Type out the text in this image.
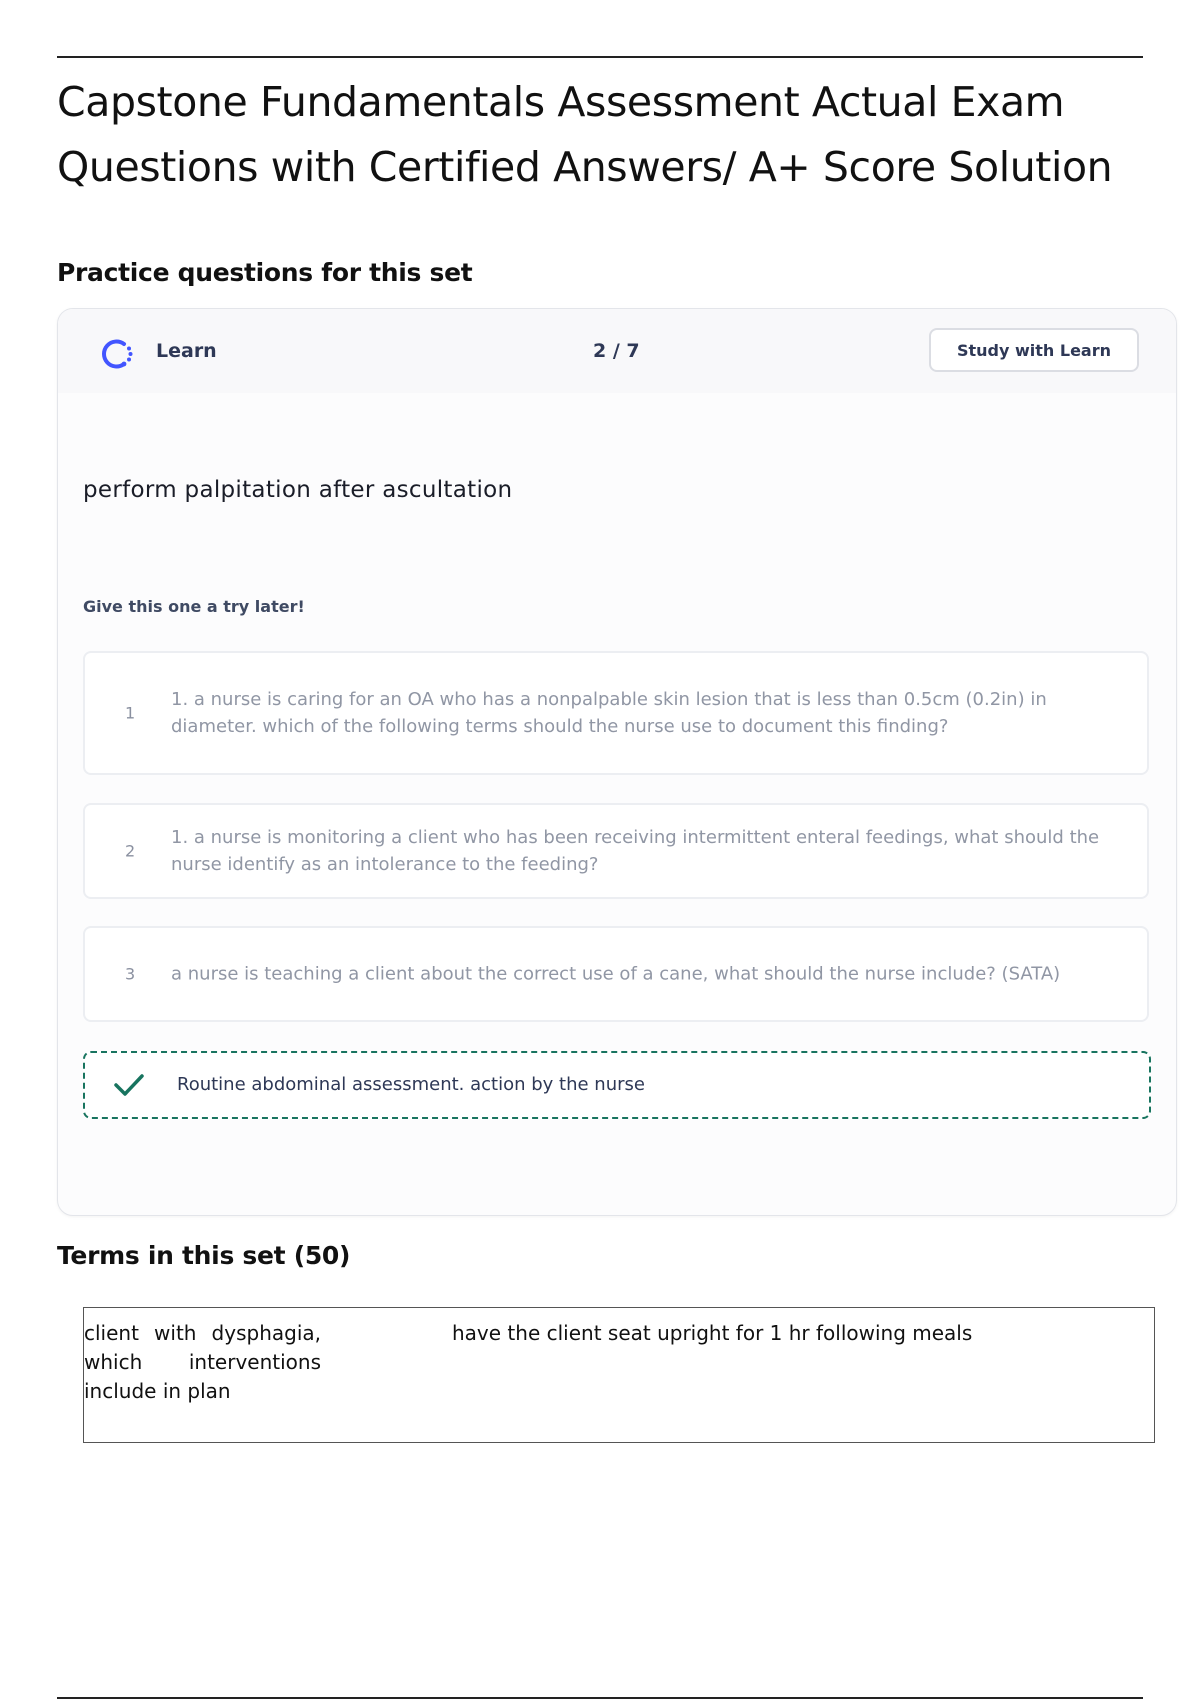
Capstone Fundamentals Assessment Actual Exam Questions with Certified Answers/ A+ Score Solution
Practice questions for this set
Learn	2 / 7	Study with Learn
perform palpitation after ascultation
Give this one a try later!
1
1. a nurse is caring for an OA who has a nonpalpable skin lesion that is less than 0.5cm (0.2in) in diameter. which of the following terms should the nurse use to document this finding?
2
1. a nurse is monitoring a client who has been receiving intermittent enteral feedings, what should the nurse identify as an intolerance to the feeding?
3 a nurse is teaching a client about the correct use of a cane, what should the nurse include? (SATA)
Routine abdominal assessment. action by the nurse
Terms in this set (50)
client with dysphagia, which interventions include in plan
have the client seat upright for 1 hr following meals
